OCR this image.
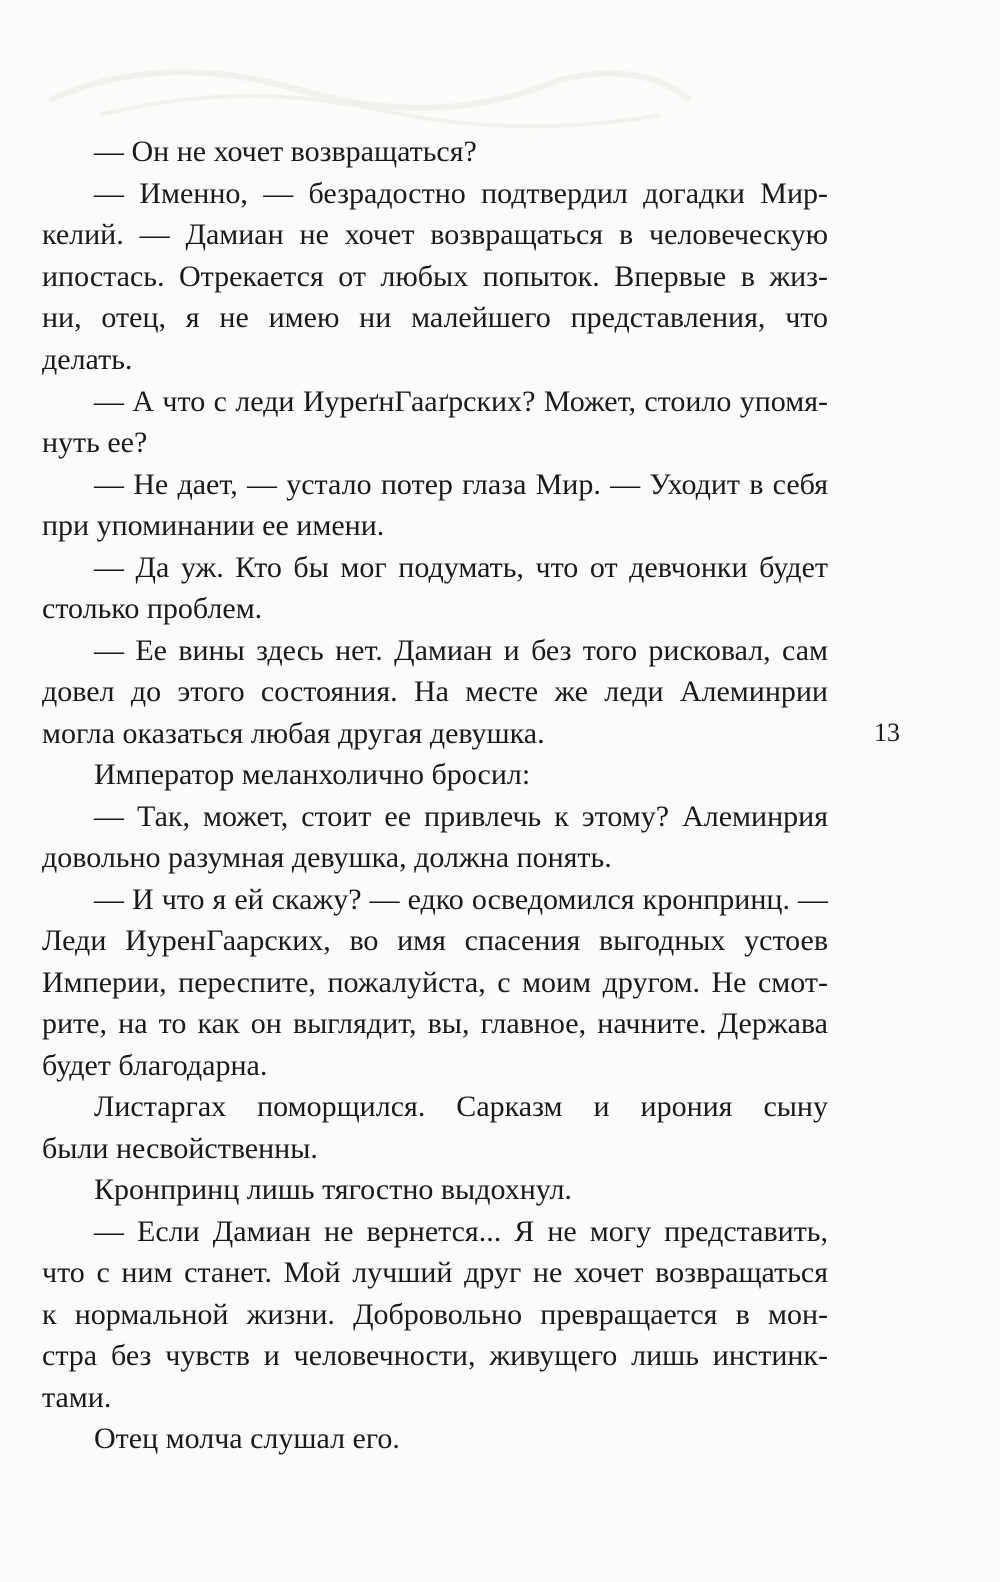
— Он не хочет возвращаться?
— Именно, — безрадостно подтвердил догадки Мир-
келий. — Дамиан не хочет возвращаться в человеческую
ипостась. Отрекается от любых попыток. Впервые в жиз-
ни, отец, я не имею ни малейшего представления, что
делать.
— А что с леди ИуреґнГааґрских? Может, стоило упомя-
нуть ее?
— Не дает, — устало потер глаза Мир. — Уходит в себя
при упоминании ее имени.
— Да уж. Кто бы мог подумать, что от девчонки будет
столько проблем.
— Ее вины здесь нет. Дамиан и без того рисковал, сам
довел до этого состояния. На месте же леди Алеминрии
могла оказаться любая другая девушка.
Император меланхолично бросил:
— Так, может, стоит ее привлечь к этому? Алеминрия
довольно разумная девушка, должна понять.
— И что я ей скажу? — едко осведомился кронпринц. —
Леди ИуренГаарских, во имя спасения выгодных устоев
Империи, переспите, пожалуйста, с моим другом. Не смот-
рите, на то как он выглядит, вы, главное, начните. Держава
будет благодарна.
Листаргах поморщился. Сарказм и ирония сыну
были несвойственны.
Кронпринц лишь тягостно выдохнул.
— Если Дамиан не вернется... Я не могу представить,
что с ним станет. Мой лучший друг не хочет возвращаться
к нормальной жизни. Добровольно превращается в мон-
стра без чувств и человечности, живущего лишь инстинк-
тами.
Отец молча слушал его.
13
